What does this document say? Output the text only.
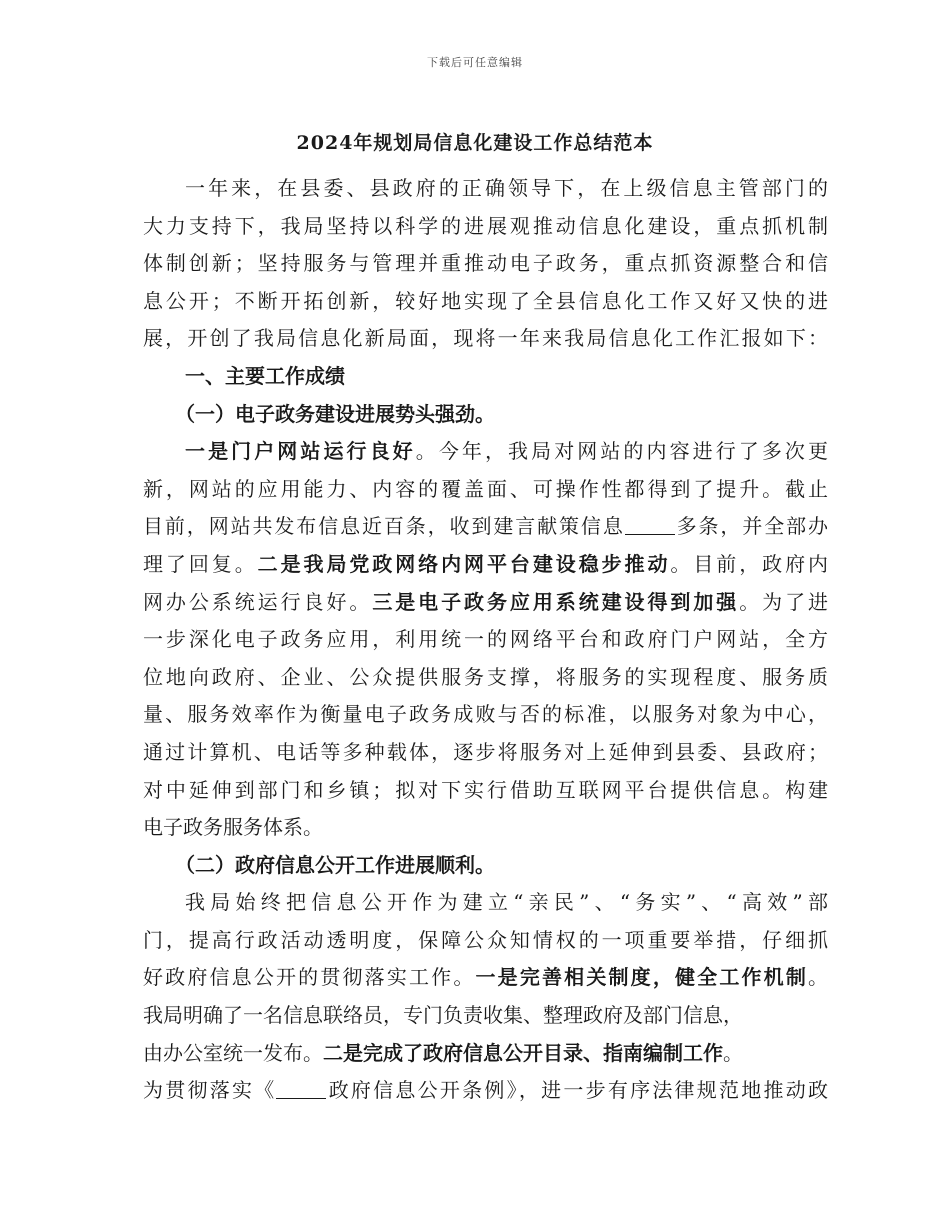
下载后可任意编辑
2024年规划局信息化建设工作总结范本
一年来，在县委、县政府的正确领导下，在上级信息主管部门的
大力支持下，我局坚持以科学的进展观推动信息化建设，重点抓机制
体制创新；坚持服务与管理并重推动电子政务，重点抓资源整合和信
息公开；不断开拓创新，较好地实现了全县信息化工作又好又快的进
展，开创了我局信息化新局面，现将一年来我局信息化工作汇报如下：
一、主要工作成绩
（一）电子政务建设进展势头强劲。
一是门户网站运行良好。今年，我局对网站的内容进行了多次更
新，网站的应用能力、内容的覆盖面、可操作性都得到了提升。截止
目前，网站共发布信息近百条，收到建言献策信息	多条，并全部办
理了回复。二是我局党政网络内网平台建设稳步推动。目前，政府内
网办公系统运行良好。三是电子政务应用系统建设得到加强。为了进
一步深化电子政务应用，利用统一的网络平台和政府门户网站，全方
位地向政府、企业、公众提供服务支撑，将服务的实现程度、服务质
量、服务效率作为衡量电子政务成败与否的标准，以服务对象为中心，
通过计算机、电话等多种载体，逐步将服务对上延伸到县委、县政府；
对中延伸到部门和乡镇；拟对下实行借助互联网平台提供信息。构建
电子政务服务体系。
（二）政府信息公开工作进展顺利。
我局始终把信息公开作为建立“亲民”、“务实”、“高效”部
门，提高行政活动透明度，保障公众知情权的一项重要举措，仔细抓
好政府信息公开的贯彻落实工作。一是完善相关制度，健全工作机制。
我局明确了一名信息联络员，专门负责收集、整理政府及部门信息，
由办公室统一发布。二是完成了政府信息公开目录、指南编制工作。
为贯彻落实《	政府信息公开条例》，进一步有序法律规范地推动政
